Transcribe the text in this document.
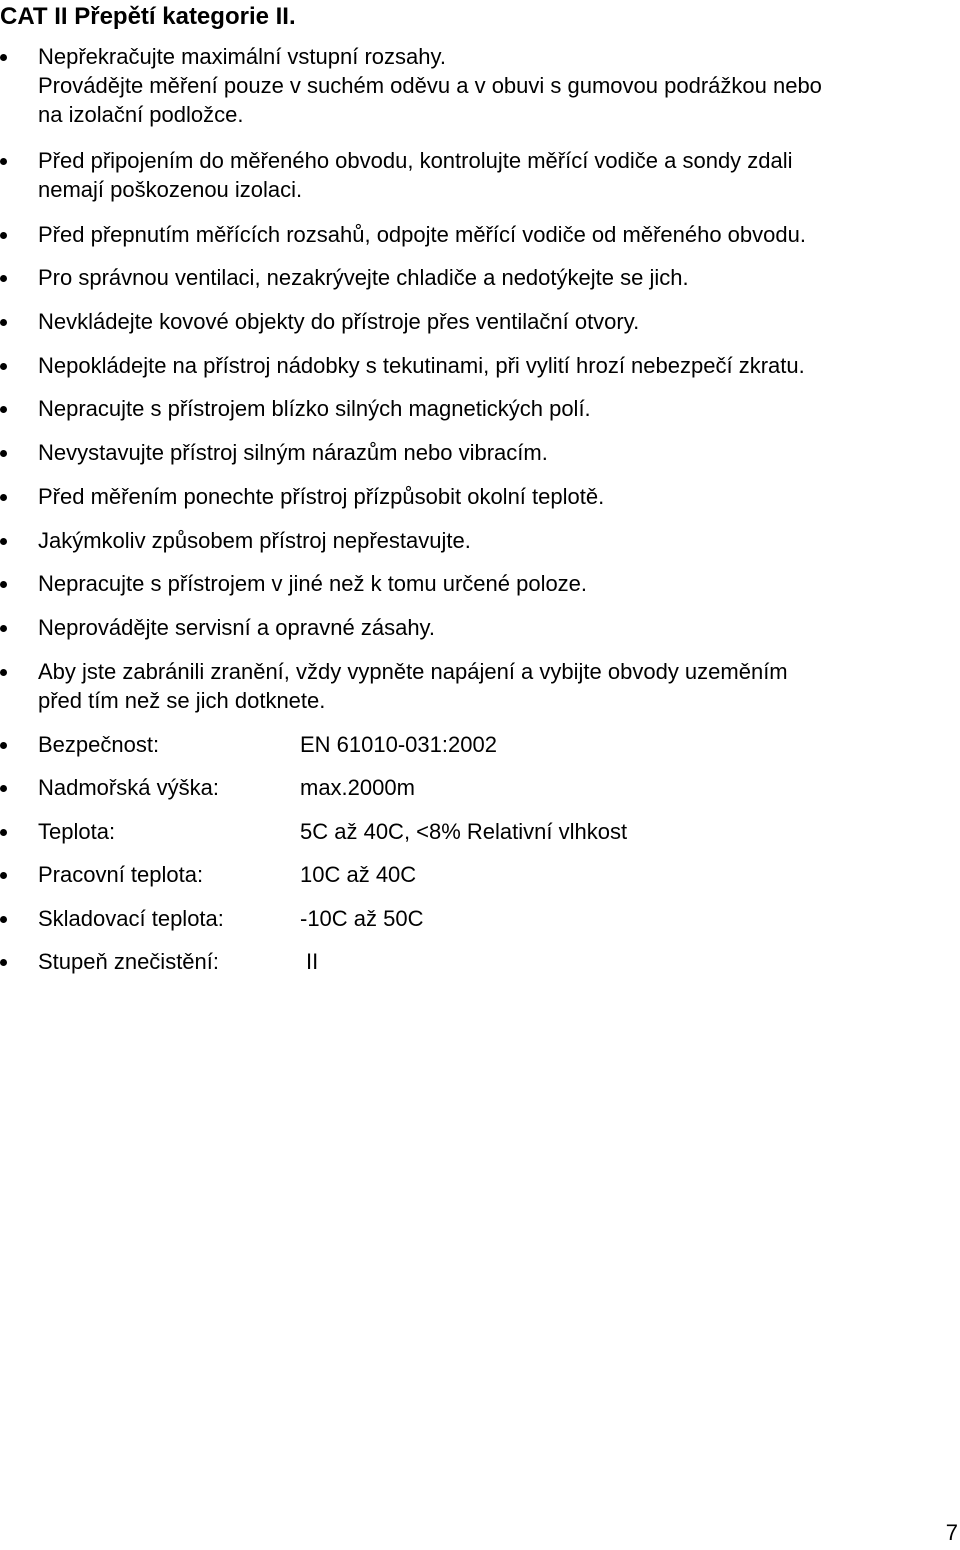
CAT II Přepětí kategorie II.
Nepřekračujte maximální vstupní rozsahy.
Provádějte měření pouze v suchém oděvu a v obuvi s gumovou podrážkou nebo
na izolační podložce.
Před připojením do měřeného obvodu, kontrolujte měřící vodiče a sondy zdali
nemají poškozenou izolaci.
Před přepnutím měřících rozsahů, odpojte měřící vodiče od měřeného obvodu.
Pro správnou ventilaci, nezakrývejte chladiče a nedotýkejte se jich.
Nevkládejte kovové objekty do přístroje přes ventilační otvory.
Nepokládejte na přístroj nádobky s tekutinami, při vylití hrozí nebezpečí zkratu.
Nepracujte s přístrojem blízko silných magnetických polí.
Nevystavujte přístroj silným nárazům nebo vibracím.
Před měřením ponechte přístroj přízpůsobit okolní teplotě.
Jakýmkoliv způsobem přístroj nepřestavujte.
Nepracujte s přístrojem v jiné než k tomu určené poloze.
Neprovádějte servisní a opravné zásahy.
Aby jste zabránili zranění, vždy vypněte napájení a vybijte obvody uzeměním
před tím než se jich dotknete.
Bezpečnost:	EN 61010-031:2002
Nadmořská výška:	max.2000m
Teplota:	5C až 40C, <8% Relativní vlhkost
Pracovní teplota:	10C až 40C
Skladovací teplota:	-10C až 50C
Stupeň znečistění:	II
7
